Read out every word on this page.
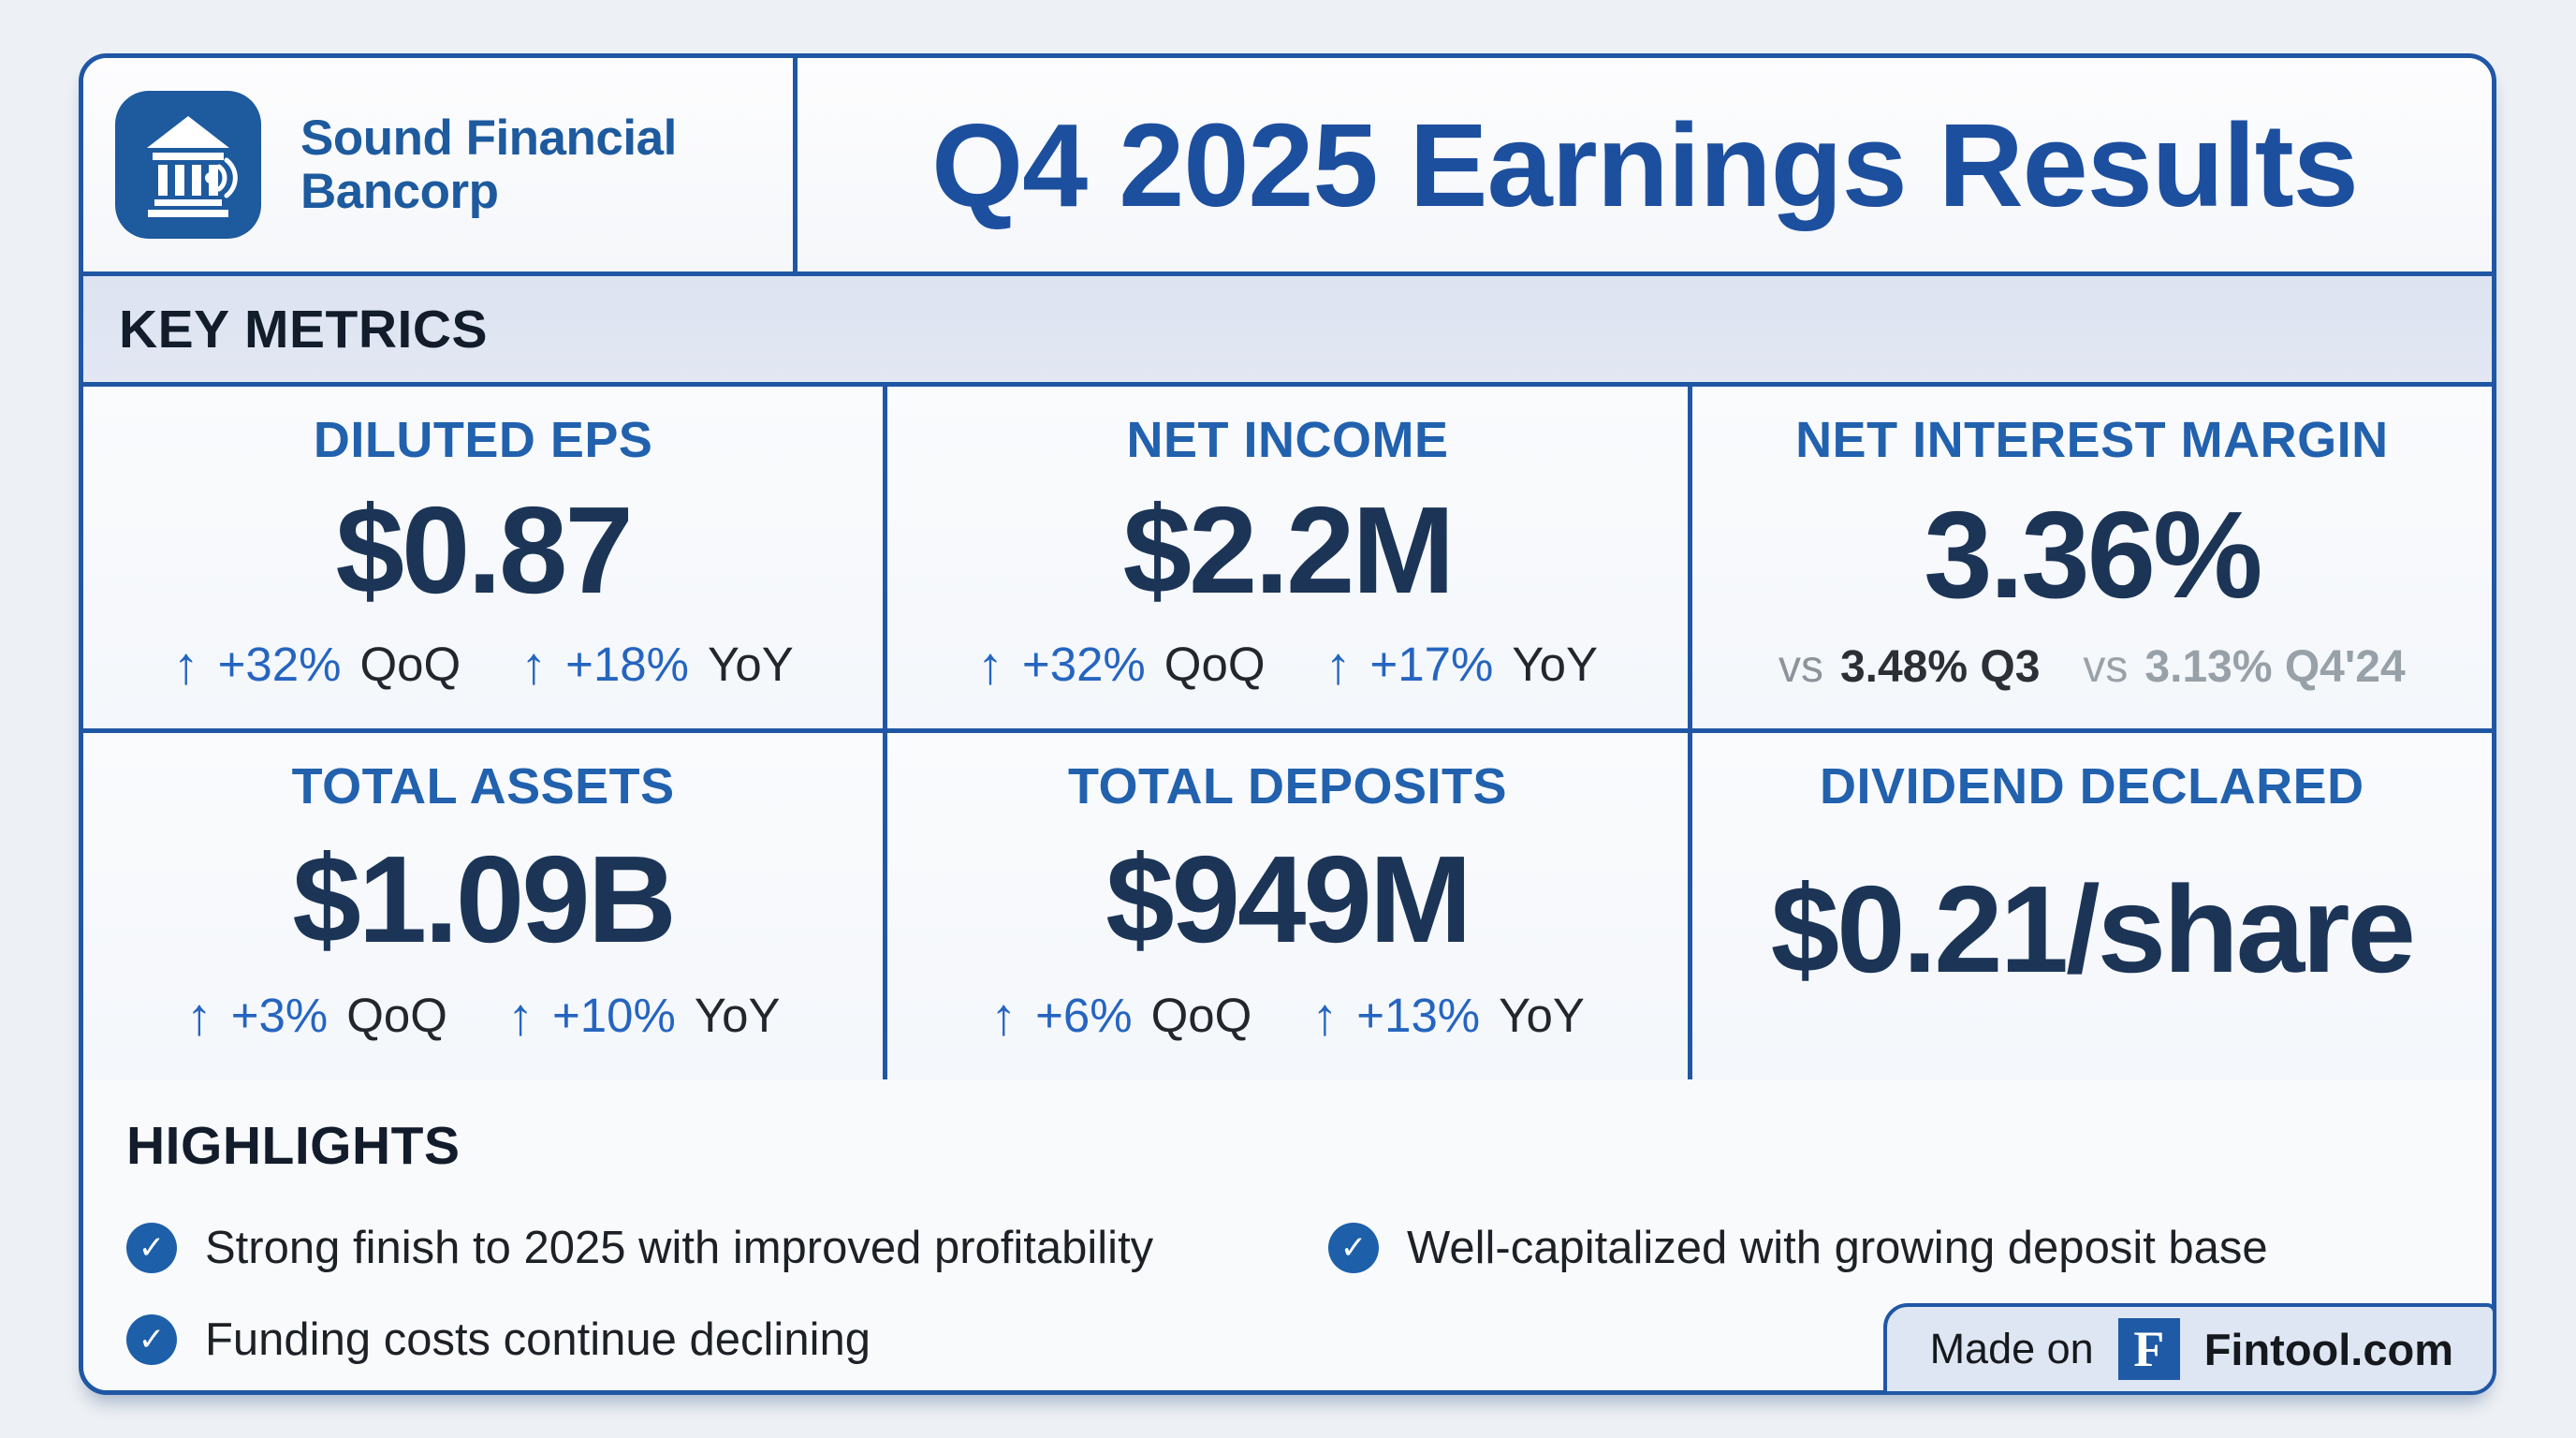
Sound Financial
Bancorp	Q4 2025 Earnings Results
KEY METRICS
DILUTED EPS
$0.87
↑ +32% QoQ ↑ +18% YoY
NET INCOME
$2.2M
↑ +32% QoQ ↑ +17% YoY
NET INTEREST MARGIN
3.36%
vs 3.48% Q3 vs 3.13% Q4'24
TOTAL ASSETS
$1.09B
↑ +3% QoQ ↑ +10% YoY
TOTAL DEPOSITS
$949M
↑ +6% QoQ ↑ +13% YoY
DIVIDEND DECLARED
$0.21/share
HIGHLIGHTS
✓ Strong finish to 2025 with improved profitability	✓ Well-capitalized with growing deposit base
✓ Funding costs continue declining	Made on F Fintool.com
